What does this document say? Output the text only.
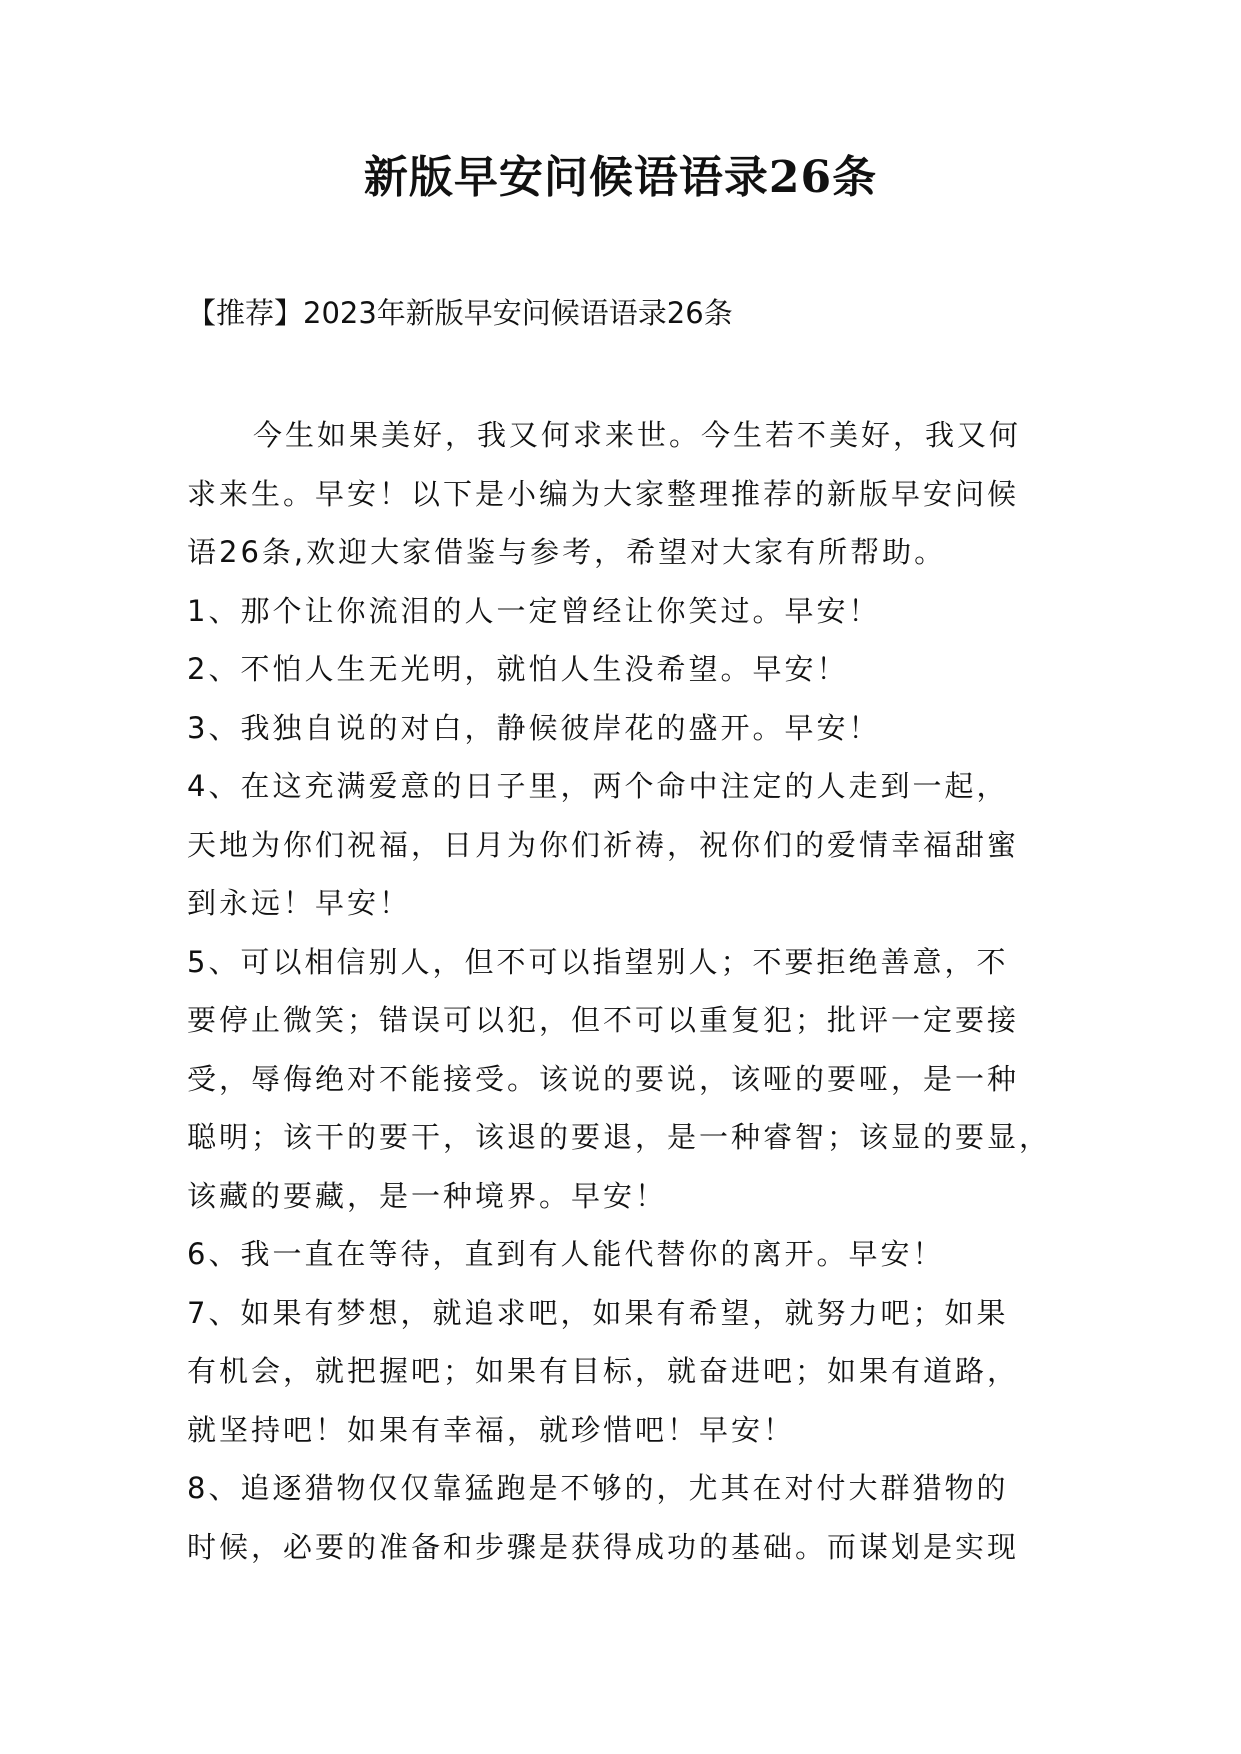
新版早安问候语语录26条

【推荐】2023年新版早安问候语语录26条

今生如果美好，我又何求来世。今生若不美好，我又何

求来生。早安！以下是小编为大家整理推荐的新版早安问候

语26条,欢迎大家借鉴与参考，希望对大家有所帮助。

1、那个让你流泪的人一定曾经让你笑过。早安！

2、不怕人生无光明，就怕人生没希望。早安！

3、我独自说的对白，静候彼岸花的盛开。早安！

4、在这充满爱意的日子里，两个命中注定的人走到一起，

天地为你们祝福，日月为你们祈祷，祝你们的爱情幸福甜蜜

到永远！早安！

5、可以相信别人，但不可以指望别人；不要拒绝善意，不

要停止微笑；错误可以犯，但不可以重复犯；批评一定要接

受，辱侮绝对不能接受。该说的要说，该哑的要哑，是一种

聪明；该干的要干，该退的要退，是一种睿智；该显的要显，

该藏的要藏，是一种境界。早安！

6、我一直在等待，直到有人能代替你的离开。早安！

7、如果有梦想，就追求吧，如果有希望，就努力吧；如果

有机会，就把握吧；如果有目标，就奋进吧；如果有道路，

就坚持吧！如果有幸福，就珍惜吧！早安！

8、追逐猎物仅仅靠猛跑是不够的，尤其在对付大群猎物的

时候，必要的准备和步骤是获得成功的基础。而谋划是实现
